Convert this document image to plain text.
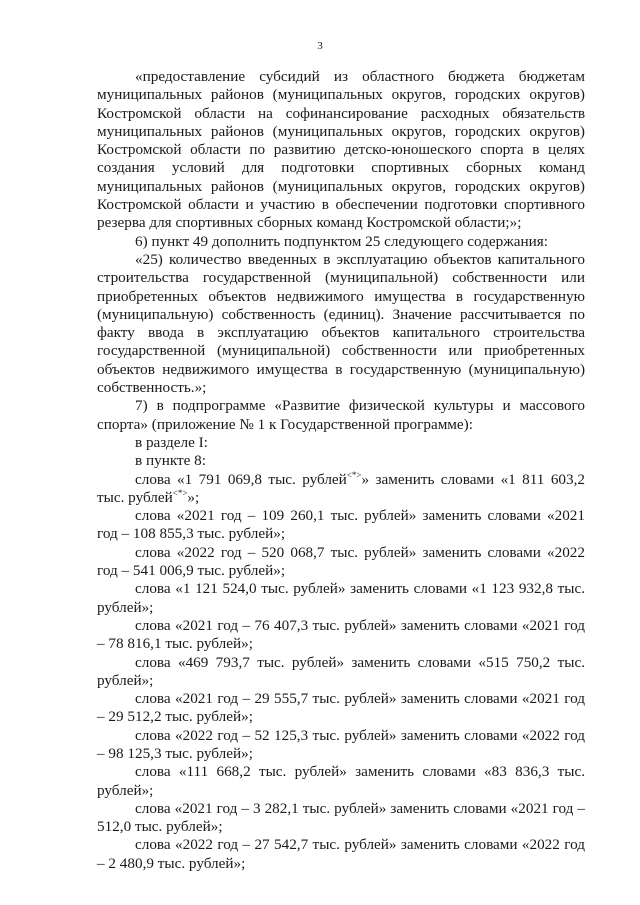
3

«предоставление субсидий из областного бюджета бюджетам муниципальных районов (муниципальных округов, городских округов) Костромской области на софинансирование расходных обязательств муниципальных районов (муниципальных округов, городских округов) Костромской области по развитию детско-юношеского спорта в целях создания условий для подготовки спортивных сборных команд муниципальных районов (муниципальных округов, городских округов) Костромской области и участию в обеспечении подготовки спортивного резерва для спортивных сборных команд Костромской области;»;

6) пункт 49 дополнить подпунктом 25 следующего содержания:

«25) количество введенных в эксплуатацию объектов капитального строительства государственной (муниципальной) собственности или приобретенных объектов недвижимого имущества в государственную (муниципальную) собственность (единиц). Значение рассчитывается по факту ввода в эксплуатацию объектов капитального строительства государственной (муниципальной) собственности или приобретенных объектов недвижимого имущества в государственную (муниципальную) собственность.»;

7) в подпрограмме «Развитие физической культуры и массового спорта» (приложение № 1 к Государственной программе):

в разделе I:

в пункте 8:

слова «1 791 069,8 тыс. рублей<*>» заменить словами «1 811 603,2 тыс. рублей<*>»;

слова «2021 год – 109 260,1 тыс. рублей» заменить словами «2021 год – 108 855,3 тыс. рублей»;

слова «2022 год – 520 068,7 тыс. рублей» заменить словами «2022 год – 541 006,9 тыс. рублей»;

слова «1 121 524,0 тыс. рублей» заменить словами «1 123 932,8 тыс. рублей»;

слова «2021 год – 76 407,3 тыс. рублей» заменить словами «2021 год – 78 816,1 тыс. рублей»;

слова «469 793,7 тыс. рублей» заменить словами «515 750,2 тыс. рублей»;

слова «2021 год – 29 555,7 тыс. рублей» заменить словами «2021 год – 29 512,2 тыс. рублей»;

слова «2022 год – 52 125,3 тыс. рублей» заменить словами «2022 год – 98 125,3 тыс. рублей»;

слова «111 668,2 тыс. рублей» заменить словами «83 836,3 тыс. рублей»;

слова «2021 год – 3 282,1 тыс. рублей» заменить словами «2021 год – 512,0 тыс. рублей»;

слова «2022 год – 27 542,7 тыс. рублей» заменить словами «2022 год – 2 480,9 тыс. рублей»;
